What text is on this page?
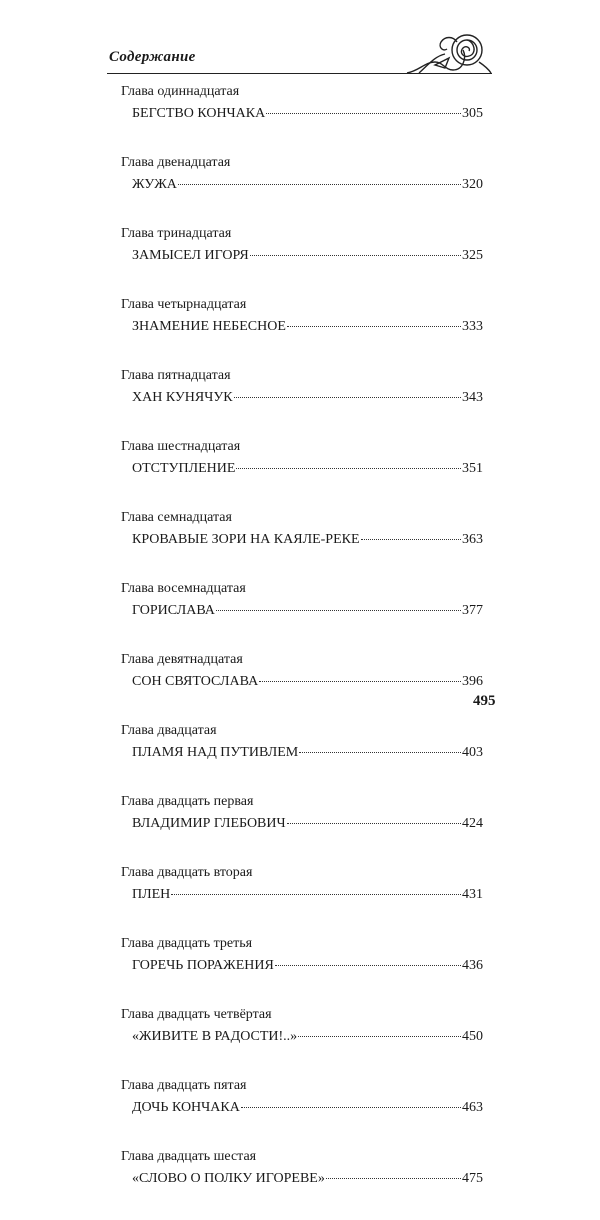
Содержание
Глава одиннадцатая
БЕГСТВО КОНЧАКА	305
Глава двенадцатая
ЖУЖА	320
Глава тринадцатая
ЗАМЫСЕЛ ИГОРЯ	325
Глава четырнадцатая
ЗНАМЕНИЕ НЕБЕСНОЕ	333
Глава пятнадцатая
ХАН КУНЯЧУК	343
Глава шестнадцатая
ОТСТУПЛЕНИЕ	351
Глава семнадцатая
КРОВАВЫЕ ЗОРИ НА КАЯЛЕ-РЕКЕ	363
Глава восемнадцатая
ГОРИСЛАВА	377
Глава девятнадцатая
СОН СВЯТОСЛАВА	396
Глава двадцатая
ПЛАМЯ НАД ПУТИВЛЕМ	403
Глава двадцать первая
ВЛАДИМИР ГЛЕБОВИЧ	424
Глава двадцать вторая
ПЛЕН	431
Глава двадцать третья
ГОРЕЧЬ ПОРАЖЕНИЯ	436
Глава двадцать четвёртая
«ЖИВИТЕ В РАДОСТИ!..»	450
Глава двадцать пятая
ДОЧЬ КОНЧАКА	463
Глава двадцать шестая
«СЛОВО О ПОЛКУ ИГОРЕВЕ»	475
495
